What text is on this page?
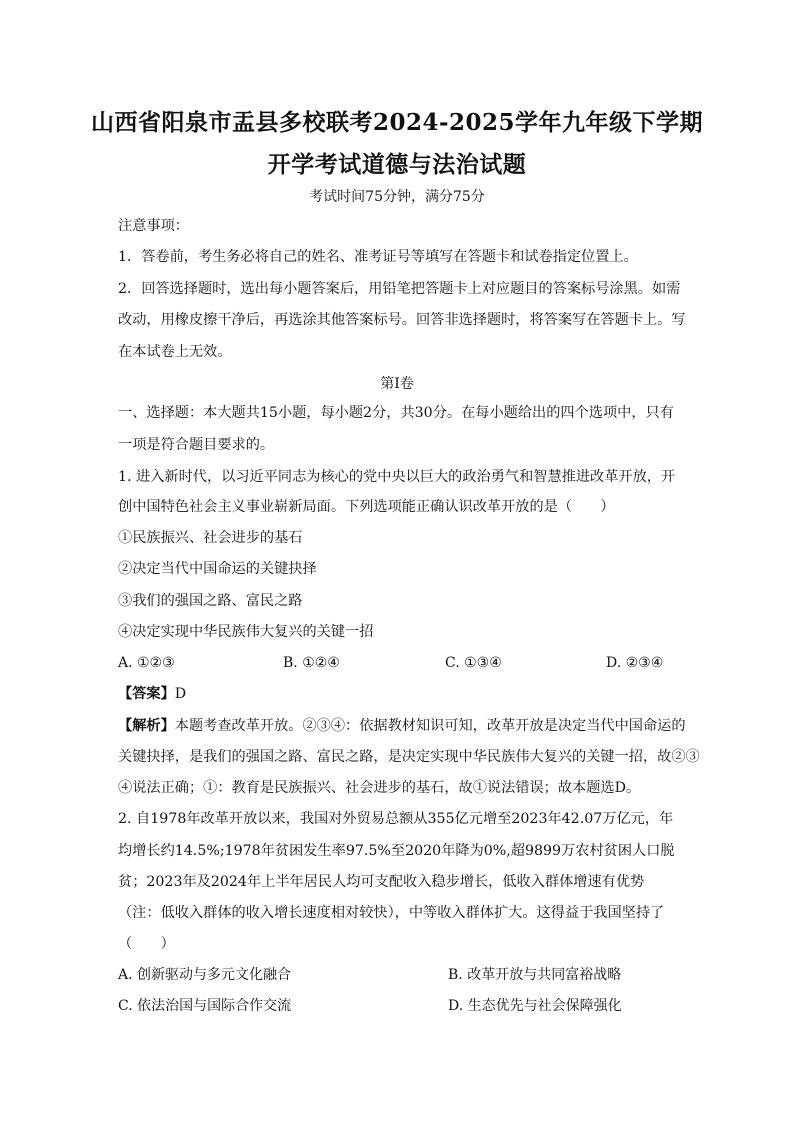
山西省阳泉市盂县多校联考2024-2025学年九年级下学期
开学考试道德与法治试题
考试时间75分钟，满分75分
注意事项：
1．答卷前，考生务必将自己的姓名、准考证号等填写在答题卡和试卷指定位置上。
2．回答选择题时，选出每小题答案后，用铅笔把答题卡上对应题目的答案标号涂黑。如需
改动，用橡皮擦干净后，再选涂其他答案标号。回答非选择题时，将答案写在答题卡上。写
在本试卷上无效。
第Ⅰ卷
一、选择题：本大题共15小题，每小题2分，共30分。在每小题给出的四个选项中，只有
一项是符合题目要求的。
1. 进入新时代，以习近平同志为核心的党中央以巨大的政治勇气和智慧推进改革开放，开
创中国特色社会主义事业崭新局面。下列选项能正确认识改革开放的是（　　）
①民族振兴、社会进步的基石
②决定当代中国命运的关键抉择
③我们的强国之路、富民之路
④决定实现中华民族伟大复兴的关键一招
A. ①②③	B. ①②④	C. ①③④	D. ②③④
【答案】D
【解析】本题考查改革开放。②③④：依据教材知识可知，改革开放是决定当代中国命运的
关键抉择，是我们的强国之路、富民之路，是决定实现中华民族伟大复兴的关键一招，故②③
④说法正确；①：教育是民族振兴、社会进步的基石，故①说法错误；故本题选D。
2. 自1978年改革开放以来，我国对外贸易总额从355亿元增至2023年42.07万亿元，年
均增长约14.5%;1978年贫困发生率97.5%至2020年降为0%,超9899万农村贫困人口脱
贫；2023年及2024年上半年居民人均可支配收入稳步增长，低收入群体增速有优势
（注：低收入群体的收入增长速度相对较快），中等收入群体扩大。这得益于我国坚持了
（　　）
A. 创新驱动与多元文化融合	B. 改革开放与共同富裕战略
C. 依法治国与国际合作交流	D. 生态优先与社会保障强化
